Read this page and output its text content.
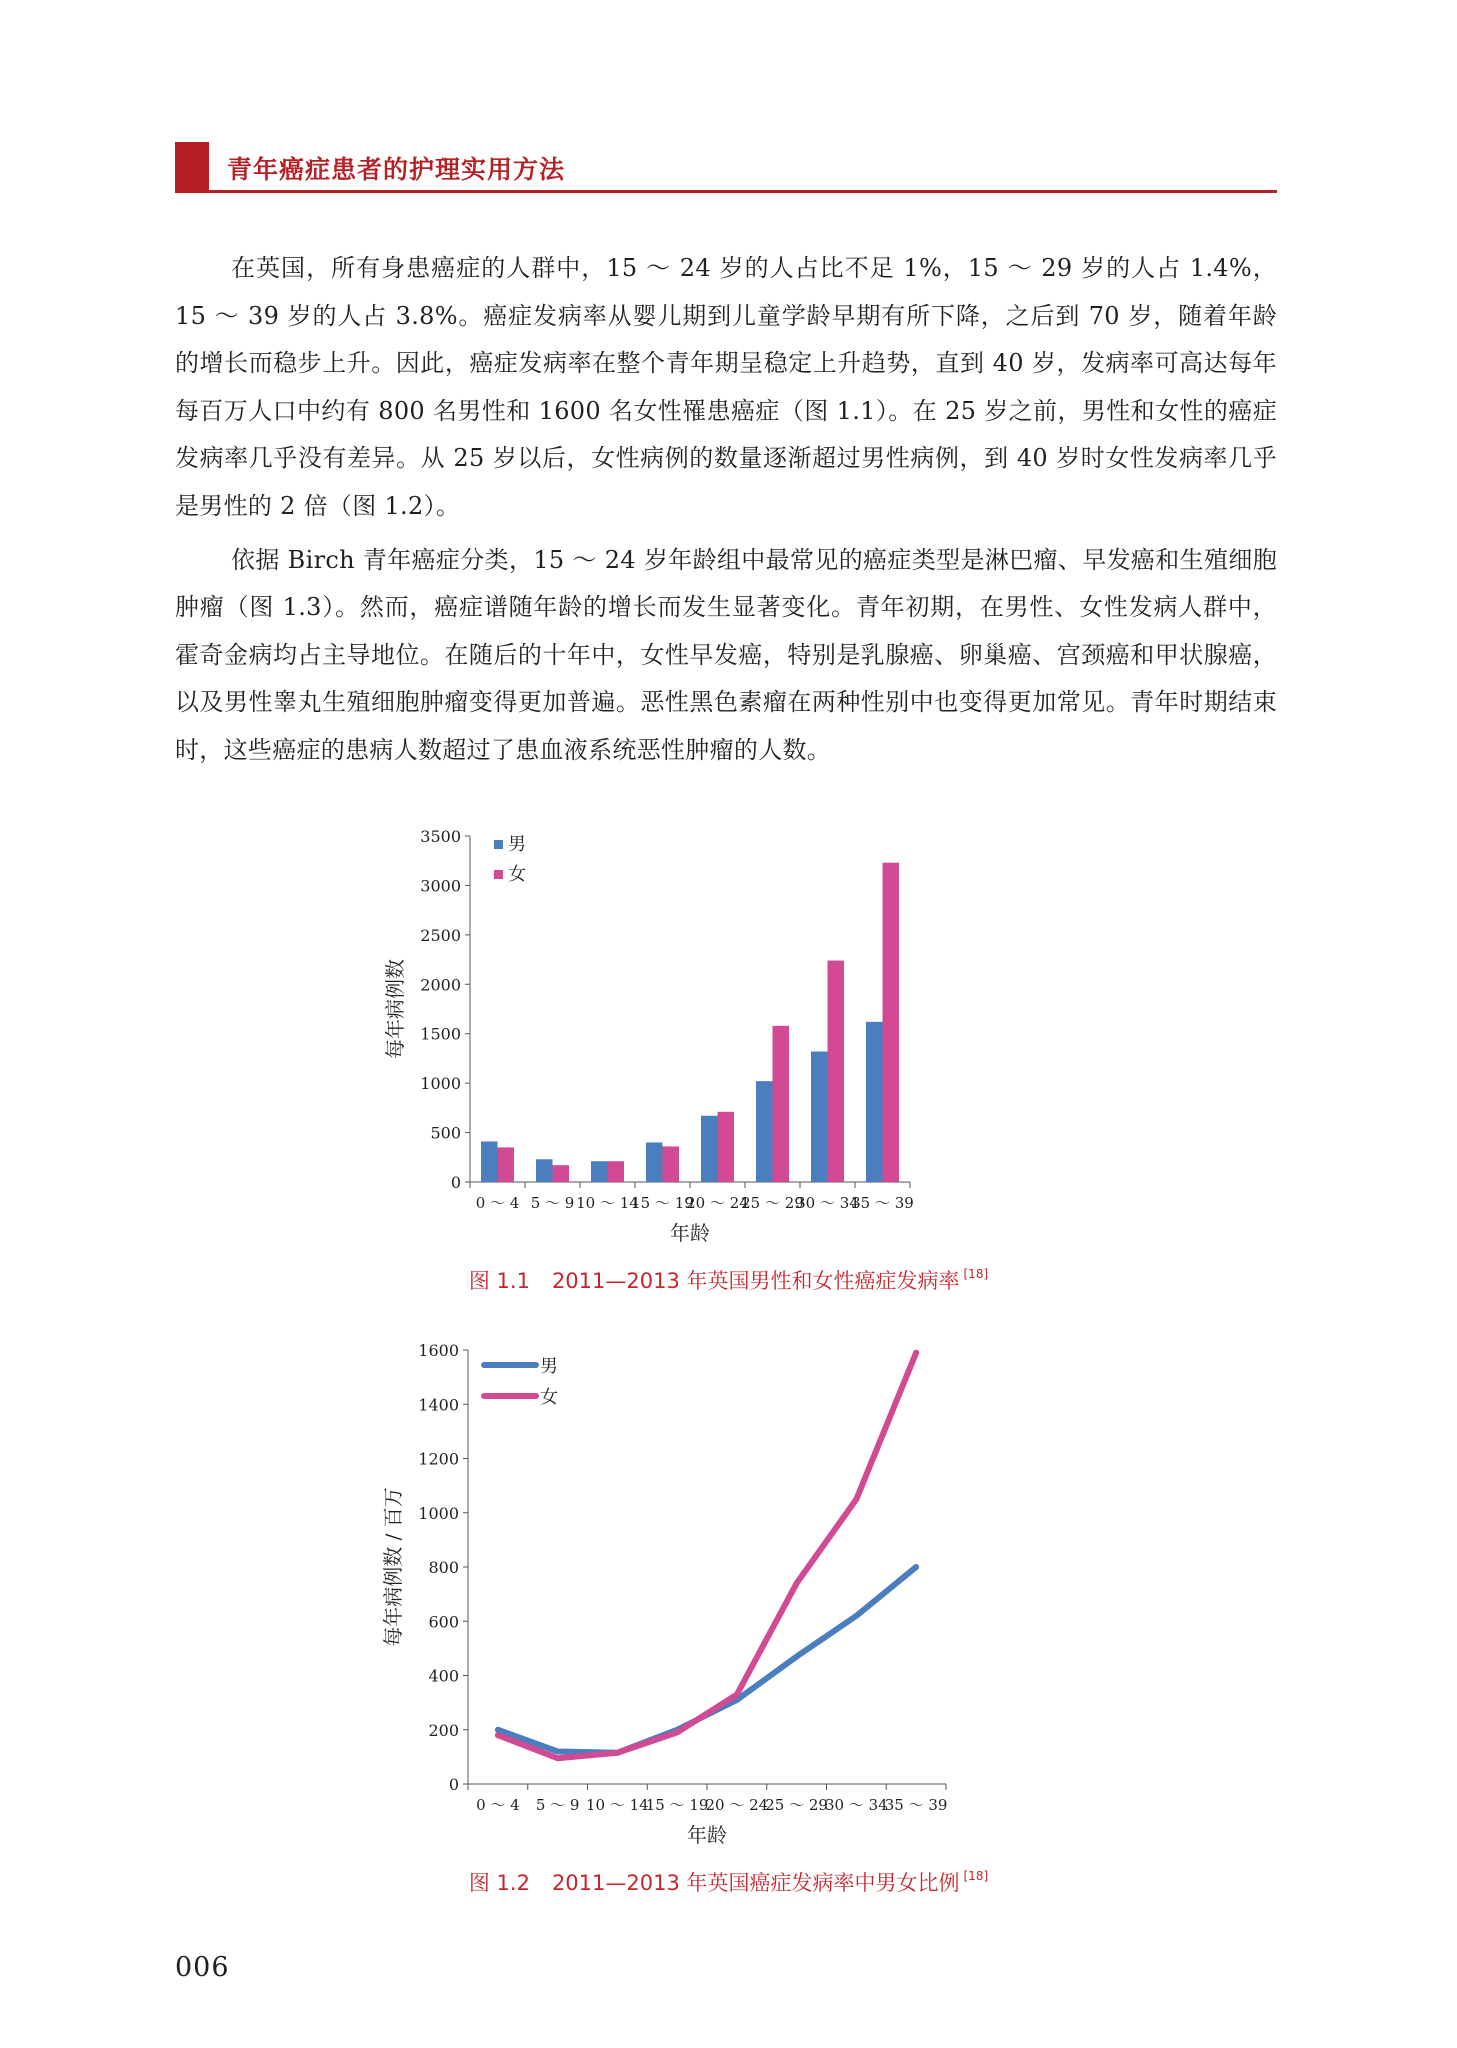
青年癌症患者的护理实用方法

在英国，所有身患癌症的人群中，15 ～ 24 岁的人占比不足 1%，15 ～ 29 岁的人占 1.4%，15 ～ 39 岁的人占 3.8%。癌症发病率从婴儿期到儿童学龄早期有所下降，之后到 70 岁，随着年龄的增长而稳步上升。因此，癌症发病率在整个青年期呈稳定上升趋势，直到 40 岁，发病率可高达每年每百万人口中约有 800 名男性和 1600 名女性罹患癌症（图 1.1）。在 25 岁之前，男性和女性的癌症发病率几乎没有差异。从 25 岁以后，女性病例的数量逐渐超过男性病例，到 40 岁时女性发病率几乎是男性的 2 倍（图 1.2）。

依据 Birch 青年癌症分类，15 ～ 24 岁年龄组中最常见的癌症类型是淋巴瘤、早发癌和生殖细胞肿瘤（图 1.3）。然而，癌症谱随年龄的增长而发生显著变化。青年初期，在男性、女性发病人群中，霍奇金病均占主导地位。在随后的十年中，女性早发癌，特别是乳腺癌、卵巢癌、宫颈癌和甲状腺癌，以及男性睾丸生殖细胞肿瘤变得更加普遍。恶性黑色素瘤在两种性别中也变得更加常见。青年时期结束时，这些癌症的患病人数超过了患血液系统恶性肿瘤的人数。

0
500
1000
1500
2000
2500
3000
3500
0 ～ 4 5 ～ 9 10 ～ 14
15 ～ 19
20 ～ 24
25 ～ 29
30 ～ 34
35 ～ 39
年龄
每年病例数
男
女
图 1.1 2011—2013 年英国男性和女性癌症发病率 [18]
0
200
400
600
800
1000
1200
1400
1600
0 ～ 4 5 ～ 9 10 ～ 14
15 ～ 19
20 ～ 24
25 ～ 29
30 ～ 34
35 ～ 39
年龄
每年病例数 / 百万
男
女
图 1.2 2011—2013 年英国癌症发病率中男女比例 [18]
006
